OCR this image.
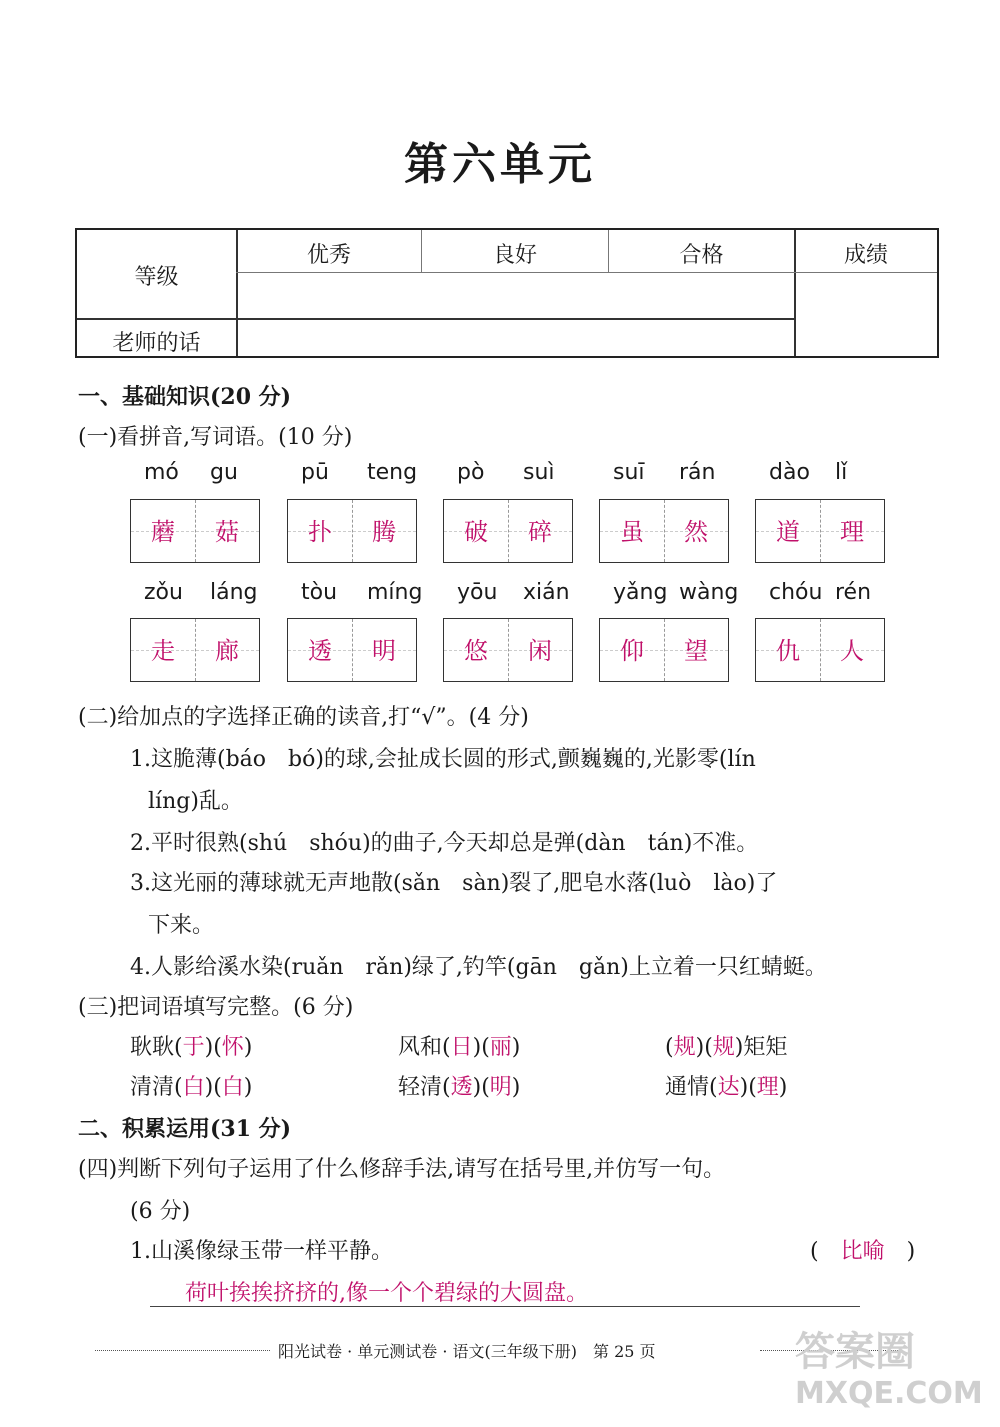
第六单元
等级
优秀	良好	合格	成绩
老师的话
一、基础知识(20 分)
(一)看拼音,写词语。(10 分)
mó gu
蘑	菇
pū teng
扑	腾
pò suì
破	碎
suī rán
虽	然
dào lǐ
道	理
zǒu láng
走	廊
tòu míng
透	明
yōu xián
悠	闲
yǎng wàng
仰	望
chóu rén
仇	人
(二)给加点的字选择正确的读音,打“√”。(4 分)
1.这脆薄(báo　bó)的球,会扯成长圆的形式,颤巍巍的,光影零(lín
líng)乱。
2.平时很熟(shú　shóu)的曲子,今天却总是弹(dàn　tán)不准。
3.这光丽的薄球就无声地散(sǎn　sàn)裂了,肥皂水落(luò　lào)了
下来。
4.人影给溪水染(ruǎn　rǎn)绿了,钓竿(gān　gǎn)上立着一只红蜻蜓。
(三)把词语填写完整。(6 分)
耿耿(于)(怀)	风和(日)(丽)	(规)(规)矩矩
清清(白)(白)	轻清(透)(明)	通情(达)(理)
二、积累运用(31 分)
(四)判断下列句子运用了什么修辞手法,请写在括号里,并仿写一句。
(6 分)
1.山溪像绿玉带一样平静。	(　比喻　)
荷叶挨挨挤挤的,像一个个碧绿的大圆盘。
阳光试卷 · 单元测试卷 · 语文(三年级下册)　第 25 页	答案圈
MXQE.COM
